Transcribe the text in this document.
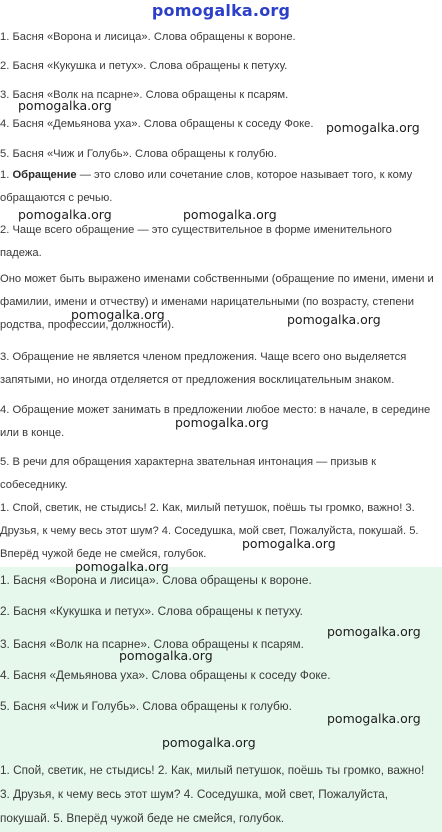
pomogalka.org

1. Басня «Ворона и лисица». Слова обращены к вороне.

2. Басня «Кукушка и петух». Слова обращены к петуху.

3. Басня «Волк на псарне». Слова обращены к псарям.

4. Басня «Демьянова уха». Слова обращены к соседу Фоке.

5. Басня «Чиж и Голубь». Слова обращены к голубю.

1. Обращение — это слово или сочетание слов, которое называет того, к кому обращаются с речью.

2. Чаще всего обращение — это существительное в форме именительного падежа.

Оно может быть выражено именами собственными (обращение по имени, имени и фамилии, имени и отчеству) и именами нарицательными (по возрасту, степени родства, профессии, должности).

3. Обращение не является членом предложения. Чаще всего оно выделяется запятыми, но иногда отделяется от предложения восклицательным знаком.

4. Обращение может занимать в предложении любое место: в начале, в середине или в конце.

5. В речи для обращения характерна звательная интонация — призыв к собеседнику.

1. Спой, светик, не стыдись! 2. Как, милый петушок, поёшь ты громко, важно! 3. Друзья, к чему весь этот шум? 4. Соседушка, мой свет, Пожалуйста, покушай. 5. Вперёд чужой беде не смейся, голубок.

1. Басня «Ворона и лисица». Слова обращены к вороне.

2. Басня «Кукушка и петух». Слова обращены к петуху.

3. Басня «Волк на псарне». Слова обращены к псарям.

4. Басня «Демьянова уха». Слова обращены к соседу Фоке.

5. Басня «Чиж и Голубь». Слова обращены к голубю.

1. Спой, светик, не стыдись! 2. Как, милый петушок, поёшь ты громко, важно! 3. Друзья, к чему весь этот шум? 4. Соседушка, мой свет, Пожалуйста, покушай. 5. Вперёд чужой беде не смейся, голубок.

pomogalka.org
pomogalka.org
pomogalka.org	pomogalka.org
pomogalka.org	pomogalka.org
pomogalka.org
pomogalka.org
pomogalka.org
pomogalka.org
pomogalka.org
pomogalka.org
pomogalka.org
